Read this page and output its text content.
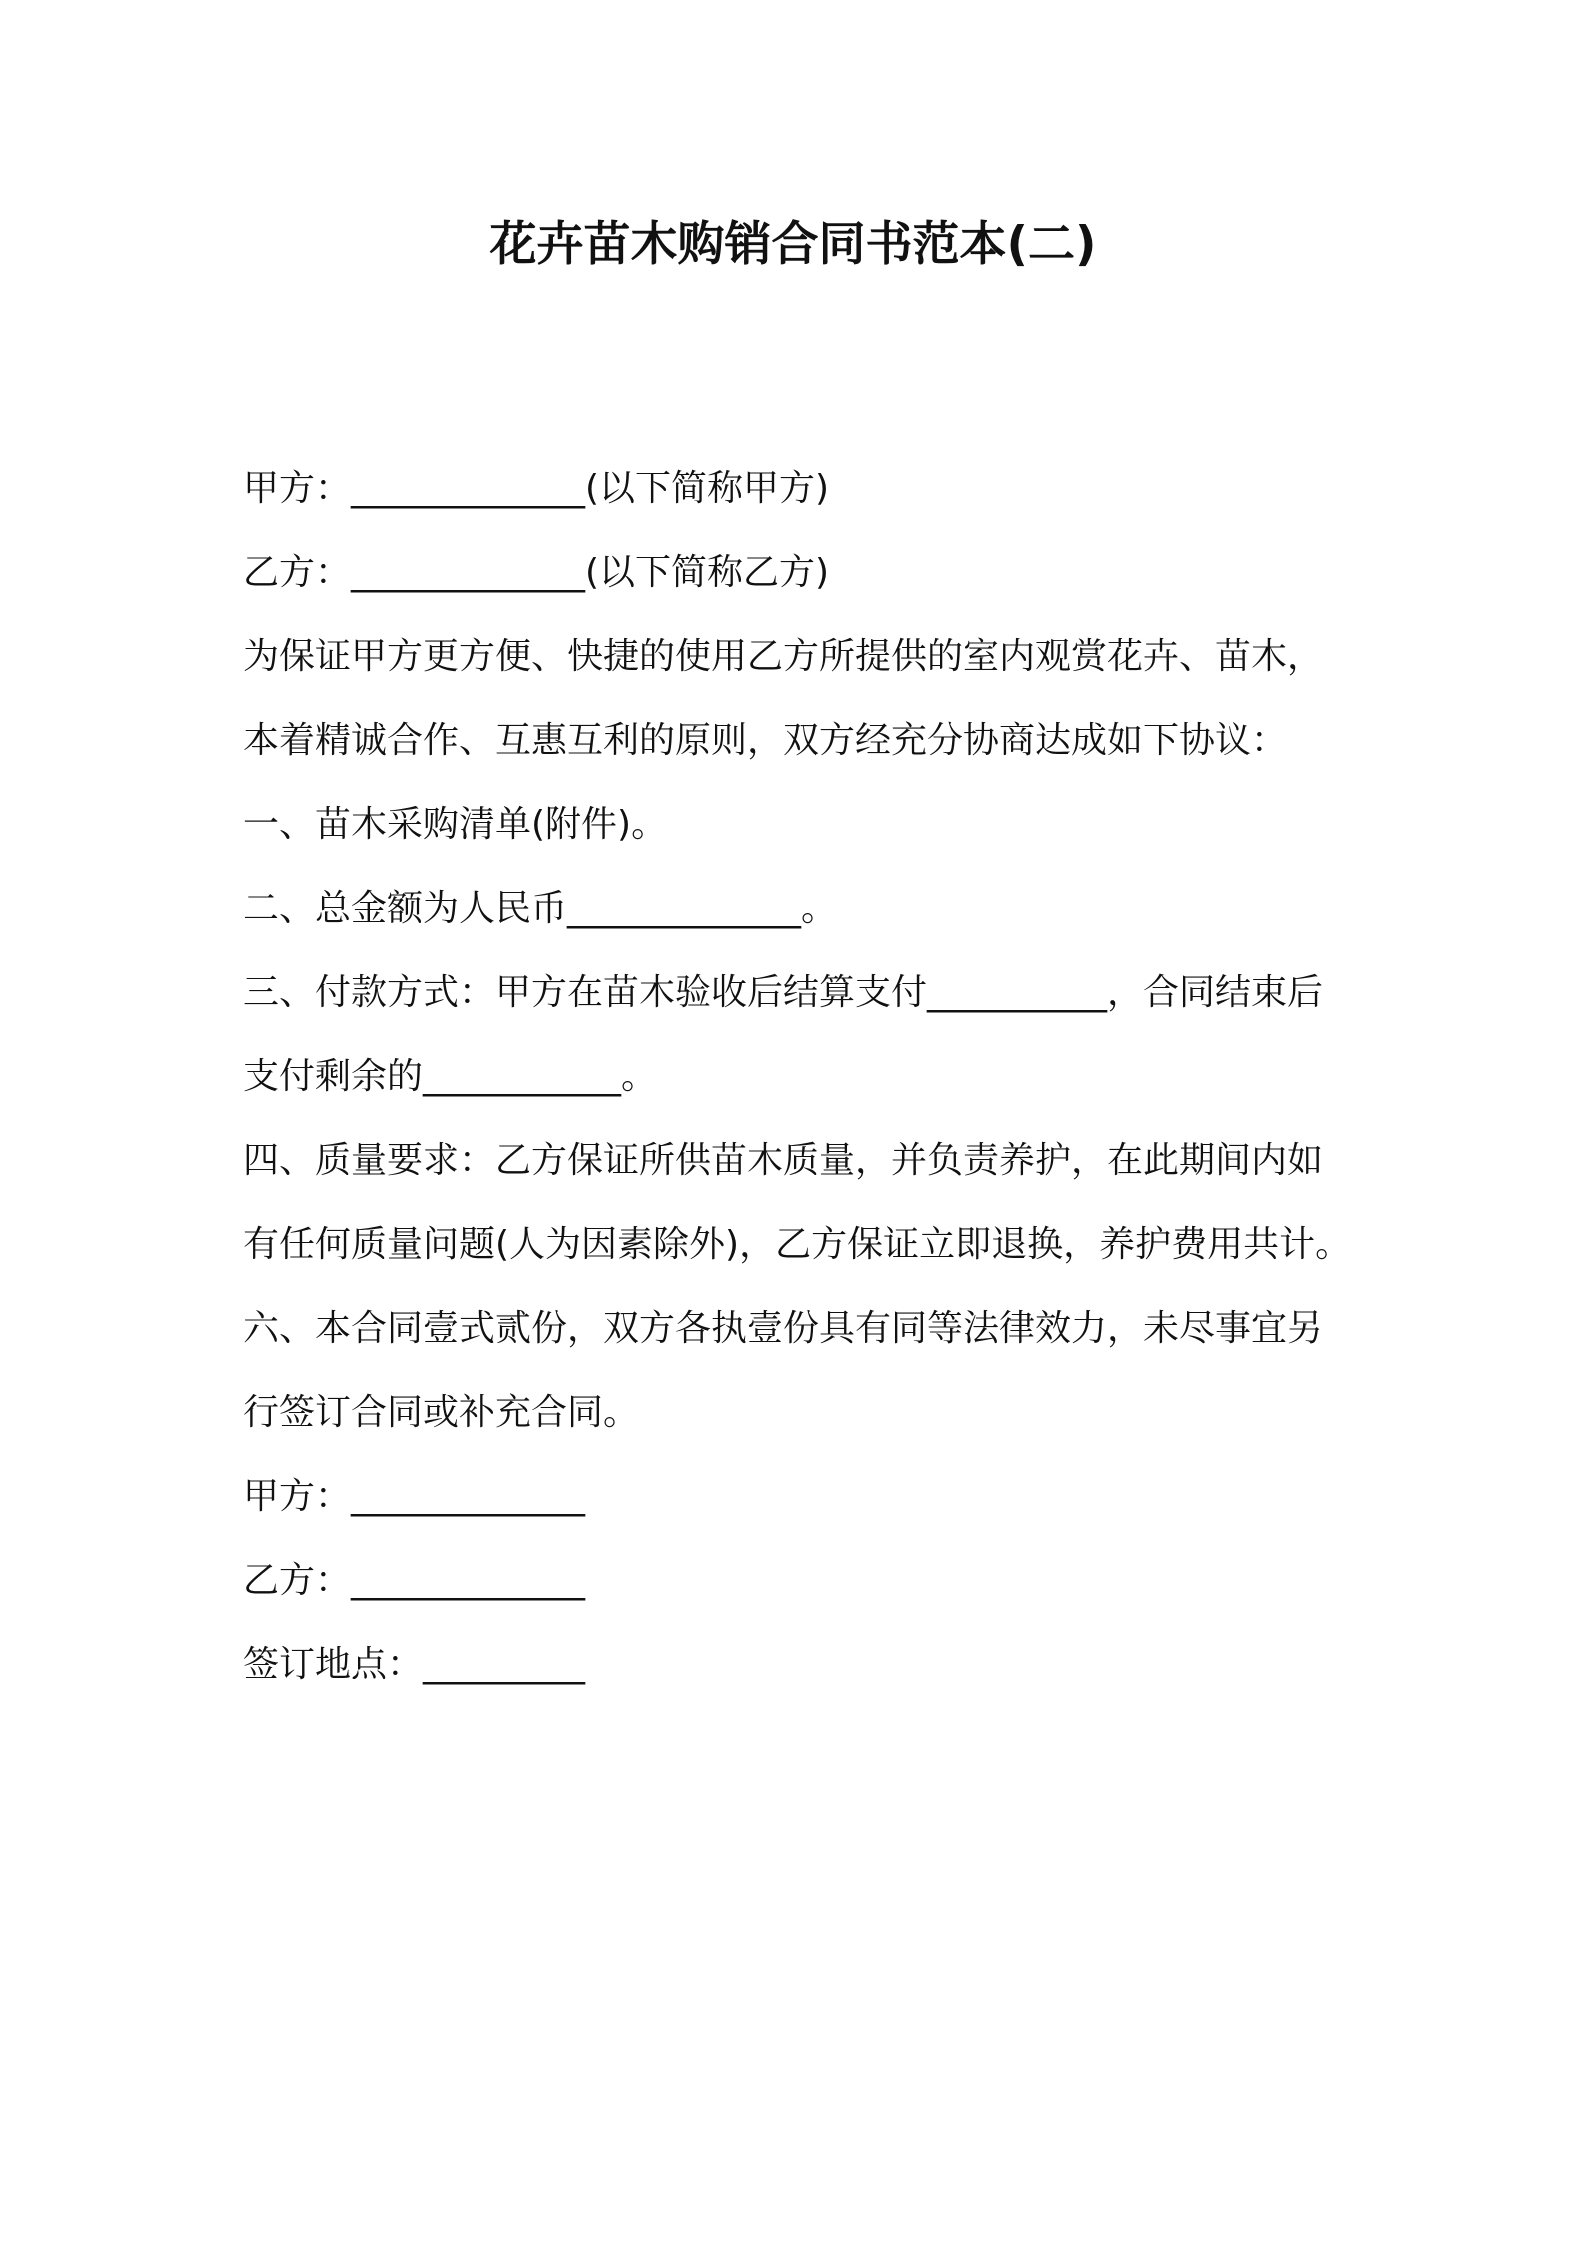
花卉苗木购销合同书范本(二)

甲方：_____________(以下简称甲方)

乙方：_____________(以下简称乙方)

为保证甲方更方便、快捷的使用乙方所提供的室内观赏花卉、苗木，

本着精诚合作、互惠互利的原则，双方经充分协商达成如下协议：

一、苗木采购清单(附件)。

二、总金额为人民币_____________。

三、付款方式：甲方在苗木验收后结算支付__________，合同结束后

支付剩余的___________。

四、质量要求：乙方保证所供苗木质量，并负责养护，在此期间内如

有任何质量问题(人为因素除外)，乙方保证立即退换，养护费用共计。

六、本合同壹式贰份，双方各执壹份具有同等法律效力，未尽事宜另

行签订合同或补充合同。

甲方：_____________

乙方：_____________

签订地点：_________
